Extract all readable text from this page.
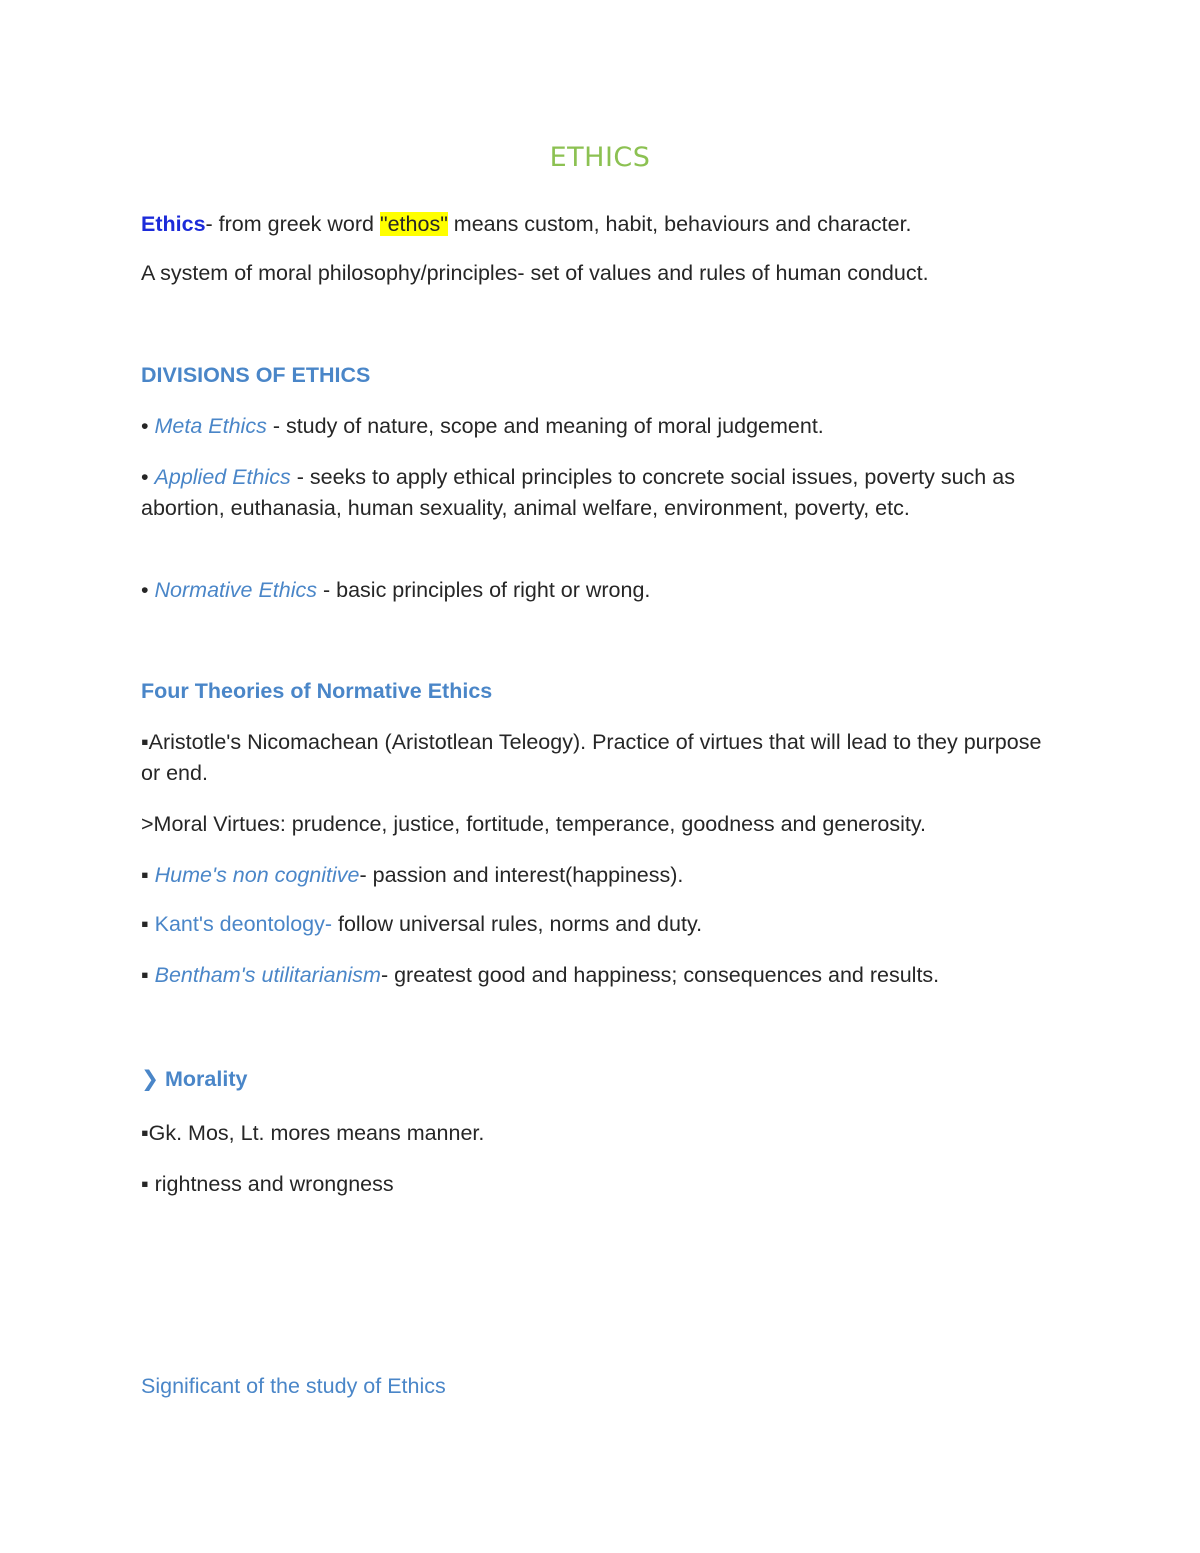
ETHICS

Ethics- from greek word "ethos" means custom, habit, behaviours and character.

A system of moral philosophy/principles- set of values and rules of human conduct.

DIVISIONS OF ETHICS

• Meta Ethics - study of nature, scope and meaning of moral judgement.

• Applied Ethics - seeks to apply ethical principles to concrete social issues, poverty such as abortion, euthanasia, human sexuality, animal welfare, environment, poverty, etc.

• Normative Ethics - basic principles of right or wrong.

Four Theories of Normative Ethics

▪Aristotle's Nicomachean (Aristotlean Teleogy). Practice of virtues that will lead to they purpose or end.

>Moral Virtues: prudence, justice, fortitude, temperance, goodness and generosity.

▪ Hume's non cognitive- passion and interest(happiness).

▪ Kant's deontology- follow universal rules, norms and duty.

▪ Bentham's utilitarianism- greatest good and happiness; consequences and results.

❯ Morality

▪Gk. Mos, Lt. mores means manner.

▪ rightness and wrongness

Significant of the study of Ethics
